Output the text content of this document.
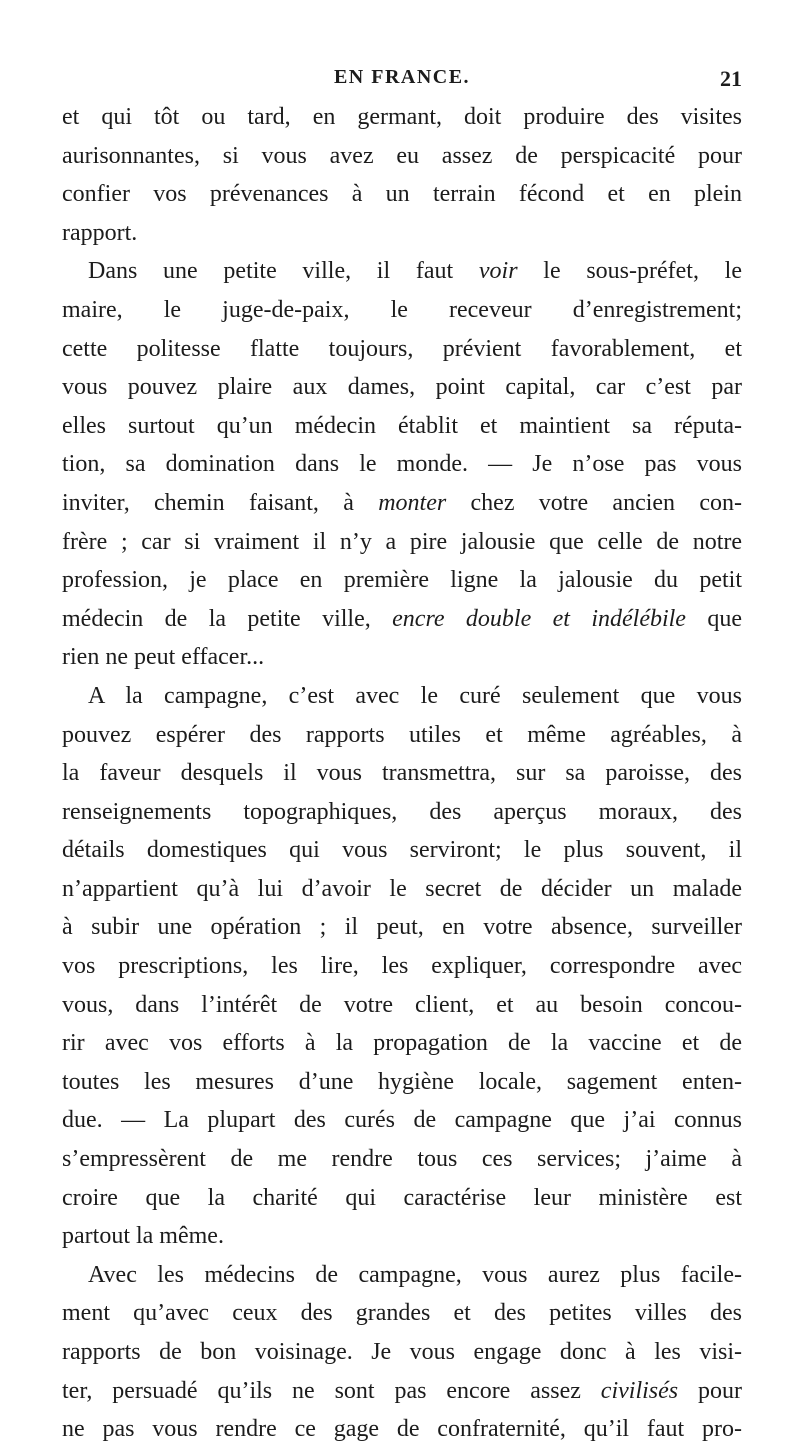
EN FRANCE.	21
et qui tôt ou tard, en germant, doit produire des visites
aurisonnantes, si vous avez eu assez de perspicacité pour
confier vos prévenances à un terrain fécond et en plein
rapport.
Dans une petite ville, il faut voir le sous-préfet, le
maire, le juge-de-paix, le receveur d’enregistrement;
cette politesse flatte toujours, prévient favorablement, et
vous pouvez plaire aux dames, point capital, car c’est par
elles surtout qu’un médecin établit et maintient sa réputa-
tion, sa domination dans le monde. — Je n’ose pas vous
inviter, chemin faisant, à monter chez votre ancien con-
frère ; car si vraiment il n’y a pire jalousie que celle de notre
profession, je place en première ligne la jalousie du petit
médecin de la petite ville, encre double et indélébile que
rien ne peut effacer...
A la campagne, c’est avec le curé seulement que vous
pouvez espérer des rapports utiles et même agréables, à
la faveur desquels il vous transmettra, sur sa paroisse, des
renseignements topographiques, des aperçus moraux, des
détails domestiques qui vous serviront; le plus souvent, il
n’appartient qu’à lui d’avoir le secret de décider un malade
à subir une opération ; il peut, en votre absence, surveiller
vos prescriptions, les lire, les expliquer, correspondre avec
vous, dans l’intérêt de votre client, et au besoin concou-
rir avec vos efforts à la propagation de la vaccine et de
toutes les mesures d’une hygiène locale, sagement enten-
due. — La plupart des curés de campagne que j’ai connus
s’empressèrent de me rendre tous ces services; j’aime à
croire que la charité qui caractérise leur ministère est
partout la même.
Avec les médecins de campagne, vous aurez plus facile-
ment qu’avec ceux des grandes et des petites villes des
rapports de bon voisinage. Je vous engage donc à les visi-
ter, persuadé qu’ils ne sont pas encore assez civilisés pour
ne pas vous rendre ce gage de confraternité, qu’il faut pro-
